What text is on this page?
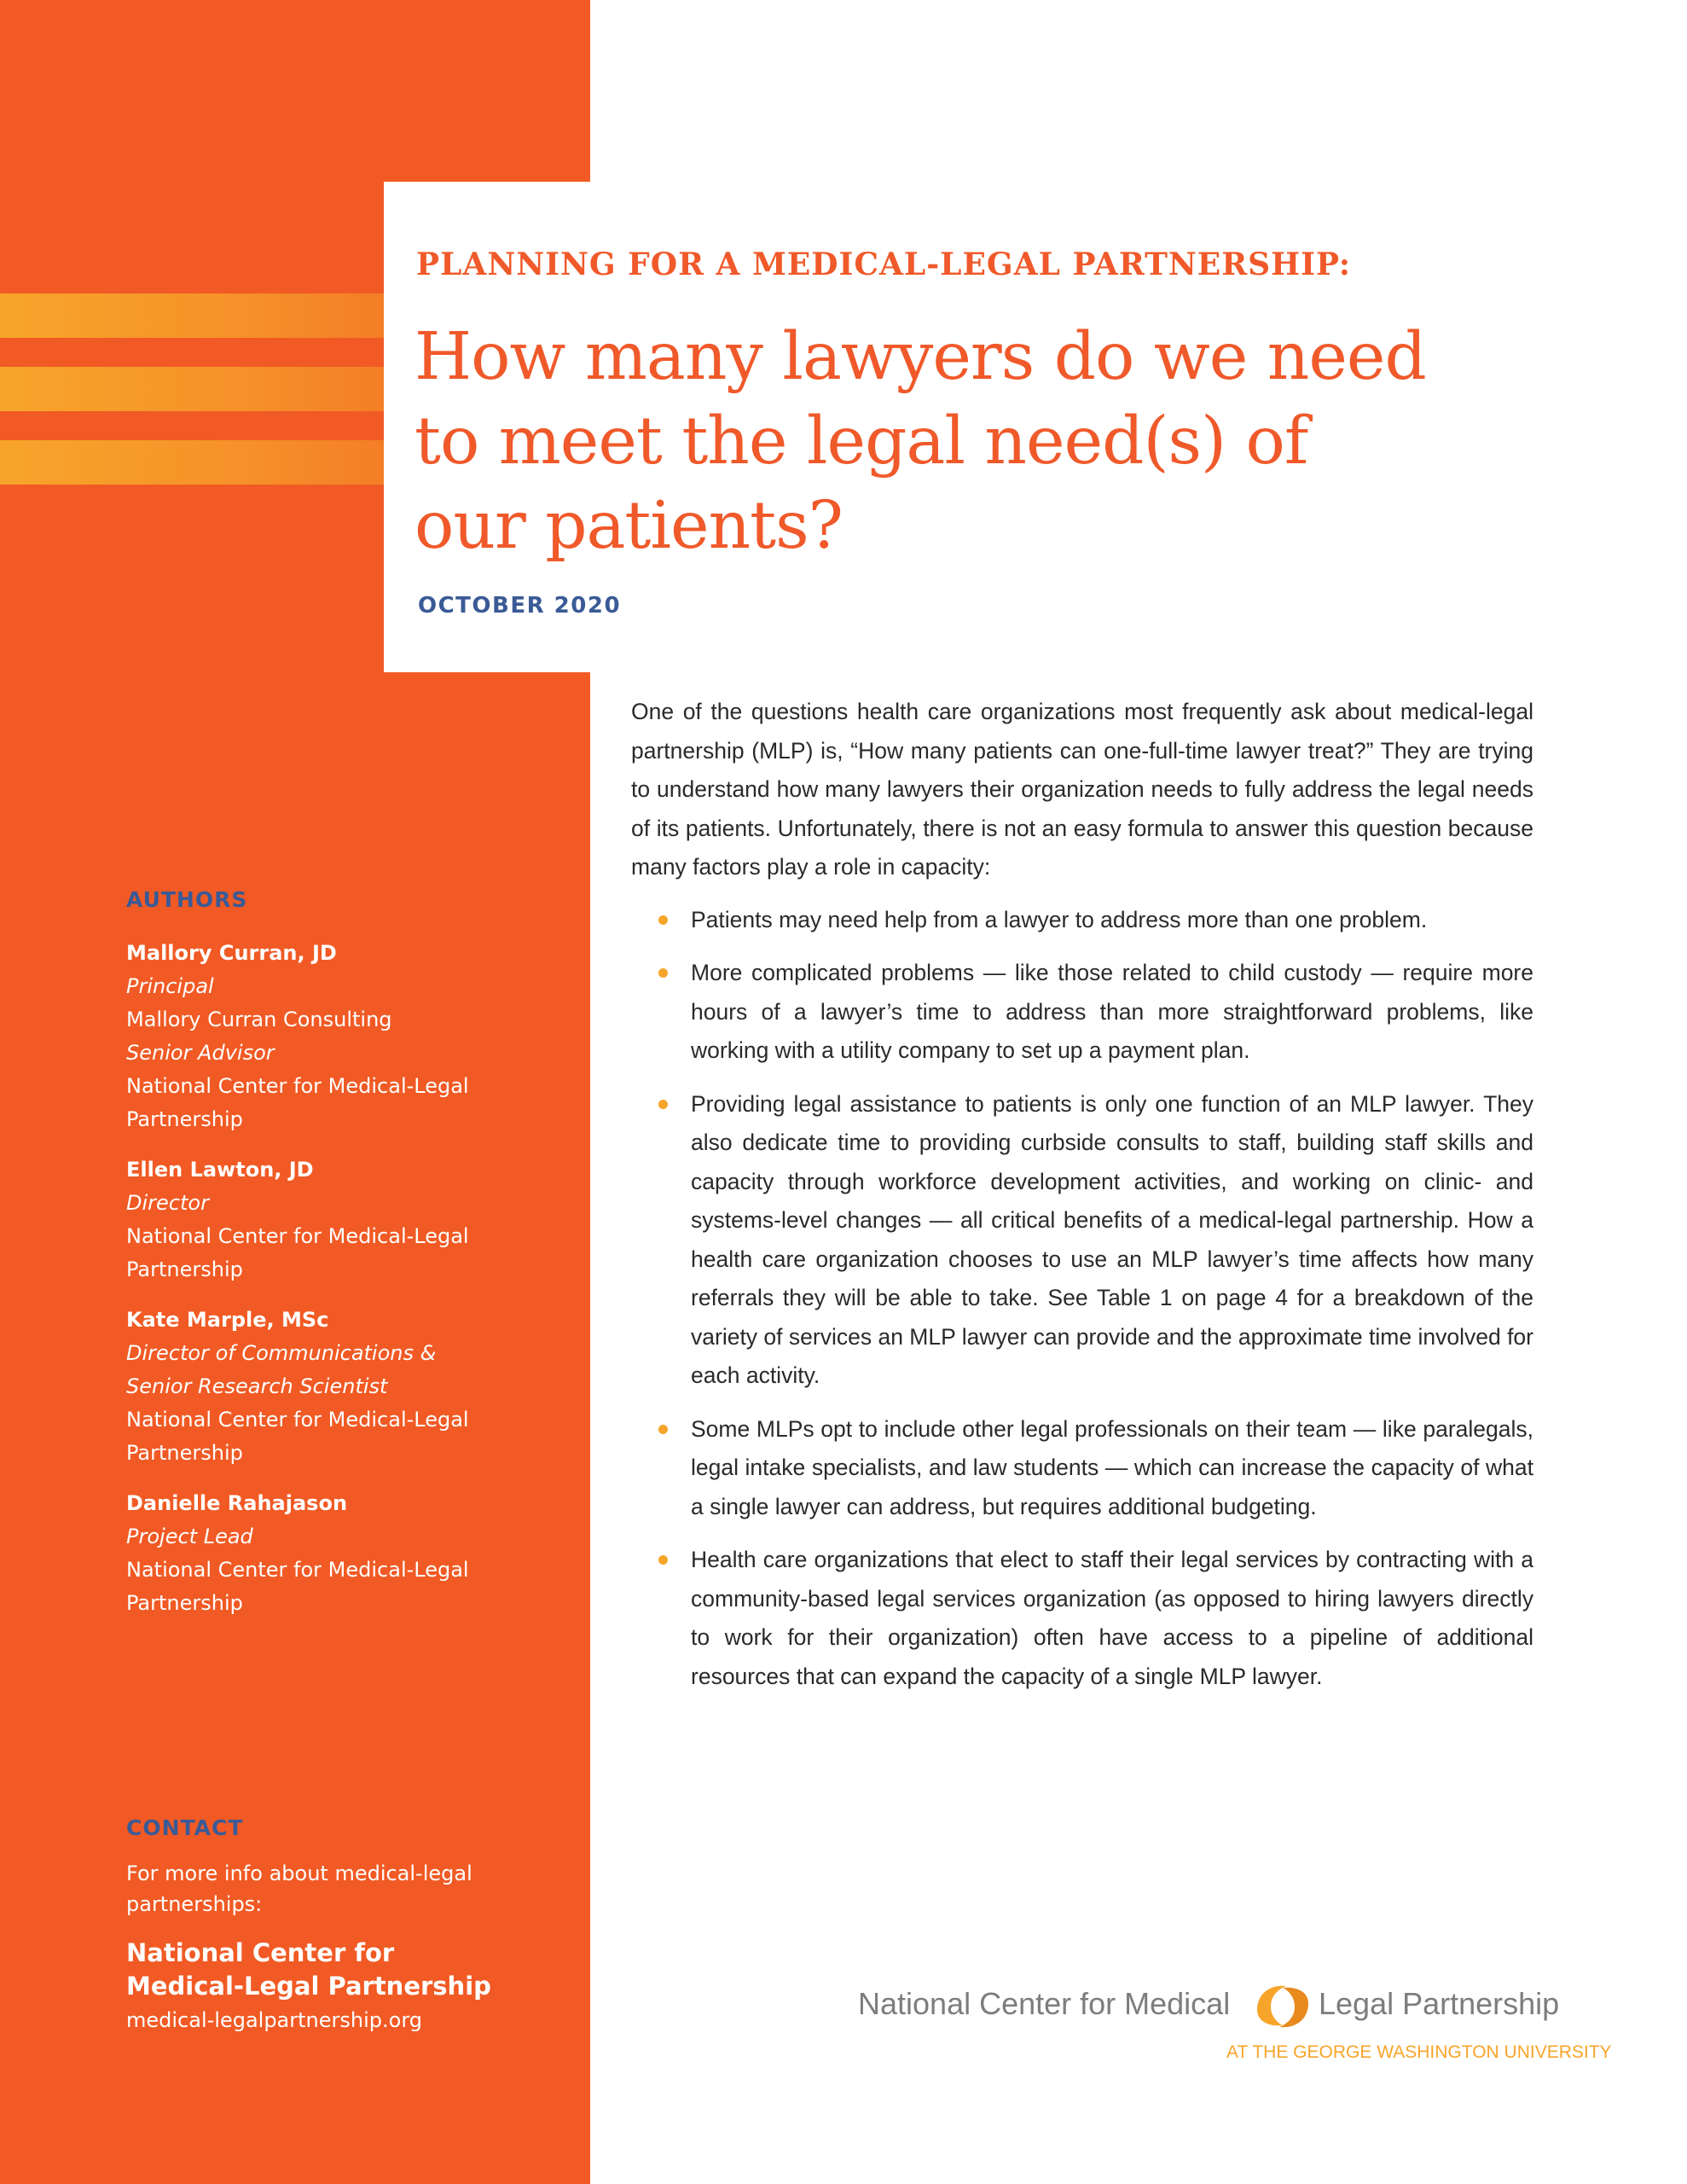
AUTHORS

Mallory Curran, JD
Principal
Mallory Curran Consulting
Senior Advisor
National Center for Medical-Legal
Partnership
Ellen Lawton, JD
Director
National Center for Medical-Legal
Partnership
Kate Marple, MSc
Director of Communications &
Senior Research Scientist
National Center for Medical-Legal
Partnership
Danielle Rahajason
Project Lead
National Center for Medical-Legal
Partnership

CONTACT

For more info about medical-legal partnerships:

National Center for
Medical-Legal Partnership

medical-legalpartnership.org

PLANNING FOR A MEDICAL-LEGAL PARTNERSHIP:

How many lawyers do we need
to meet the legal need(s) of
our patients?

OCTOBER 2020

One of the questions health care organizations most frequently ask about medical-legal partnership (MLP) is, “How many patients can one-full-time lawyer treat?” They are trying to understand how many lawyers their organization needs to fully address the legal needs of its patients. Unfortunately, there is not an easy formula to answer this question because many factors play a role in capacity:

Patients may need help from a lawyer to address more than one problem.
More complicated problems — like those related to child custody — require more hours of a lawyer’s time to address than more straightforward problems, like working with a utility company to set up a payment plan.
Providing legal assistance to patients is only one function of an MLP lawyer. They also dedicate time to providing curbside consults to staff, building staff skills and capacity through workforce development activities, and working on clinic- and systems-level changes — all critical benefits of a medical-legal partnership. How a health care organization chooses to use an MLP lawyer’s time affects how many referrals they will be able to take. See Table 1 on page 4 for a breakdown of the variety of services an MLP lawyer can provide and the approximate time involved for each activity.
Some MLPs opt to include other legal professionals on their team — like paralegals, legal intake specialists, and law students — which can increase the capacity of what a single lawyer can address, but requires additional budgeting.
Health care organizations that elect to staff their legal services by contracting with a community-based legal services organization (as opposed to hiring lawyers directly to work for their organization) often have access to a pipeline of additional resources that can expand the capacity of a single MLP lawyer.

National Center for Medical	Legal Partnership

AT THE GEORGE WASHINGTON UNIVERSITY
